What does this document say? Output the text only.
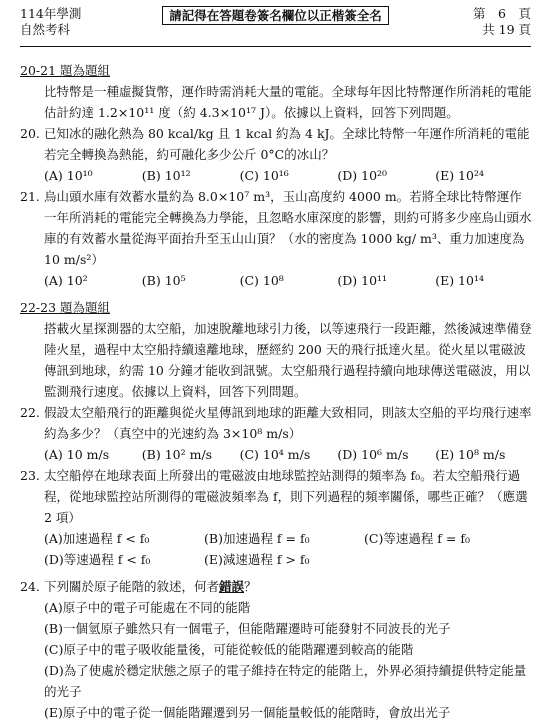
114年學測
自然考科
請記得在答題卷簽名欄位以正楷簽全名	第　6　頁
共 19 頁

20-21 題為題組

比特幣是一種虛擬貨幣，運作時需消耗大量的電能。全球每年因比特幣運作所消耗的電能估計約達 1.2×10¹¹ 度（約 4.3×10¹⁷ J）。依據以上資料，回答下列問題。

20. 已知冰的融化熱為 80 kcal/kg 且 1 kcal 約為 4 kJ。全球比特幣一年運作所消耗的電能若完全轉換為熱能，約可融化多少公斤 0°C的冰山？
(A) 10¹⁰	(B) 10¹²	(C) 10¹⁶	(D) 10²⁰	(E) 10²⁴
21. 烏山頭水庫有效蓄水量約為 8.0×10⁷ m³，玉山高度約 4000 m。若將全球比特幣運作一年所消耗的電能完全轉換為力學能，且忽略水庫深度的影響，則約可將多少座烏山頭水庫的有效蓄水量從海平面抬升至玉山山頂？（水的密度為 1000 kg/ m³、重力加速度為 10 m/s²）
(A) 10²	(B) 10⁵	(C) 10⁸	(D) 10¹¹	(E) 10¹⁴

22-23 題為題組

搭載火星探測器的太空船，加速脫離地球引力後，以等速飛行一段距離，然後減速準備登陸火星，過程中太空船持續遠離地球，歷經約 200 天的飛行抵達火星。從火星以電磁波傳訊到地球，約需 10 分鐘才能收到訊號。太空船飛行過程持續向地球傳送電磁波，用以監測飛行速度。依據以上資料，回答下列問題。

22. 假設太空船飛行的距離與從火星傳訊到地球的距離大致相同，則該太空船的平均飛行速率約為多少？（真空中的光速約為 3×10⁸ m/s）
(A) 10 m/s	(B) 10² m/s	(C) 10⁴ m/s	(D) 10⁶ m/s	(E) 10⁸ m/s
23. 太空船停在地球表面上所發出的電磁波由地球監控站測得的頻率為 f₀。若太空船飛行過程，從地球監控站所測得的電磁波頻率為 f，則下列過程的頻率關係，哪些正確？（應選 2 項）
(A)加速過程 f < f₀	(B)加速過程 f = f₀	(C)等速過程 f = f₀
(D)等速過程 f < f₀	(E)減速過程 f > f₀
24. 下列關於原子能階的敘述，何者錯誤？
(A)原子中的電子可能處在不同的能階
(B)一個氫原子雖然只有一個電子，但能階躍遷時可能發射不同波長的光子
(C)原子中的電子吸收能量後，可能從較低的能階躍遷到較高的能階
(D)為了使處於穩定狀態之原子的電子維持在特定的能階上，外界必須持續提供特定能量的光子
(E)原子中的電子從一個能階躍遷到另一個能量較低的能階時，會放出光子
